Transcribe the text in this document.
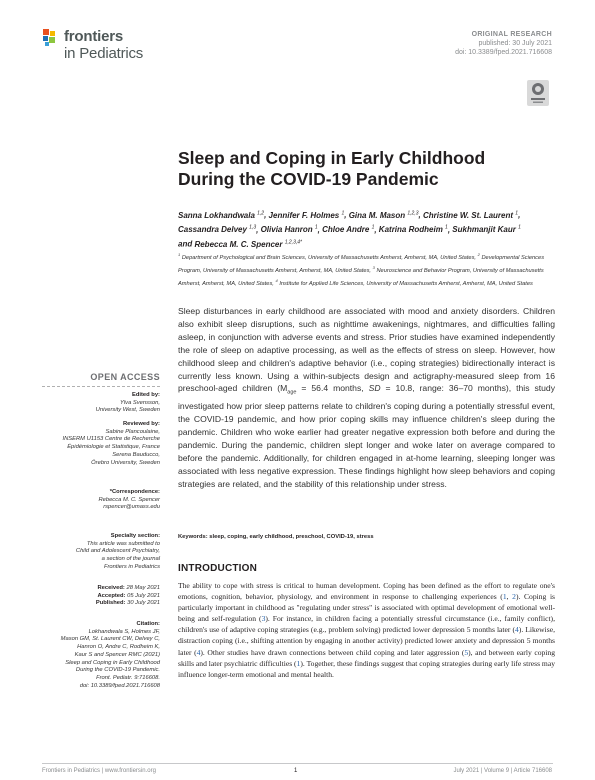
frontiers
in Pediatrics
ORIGINAL RESEARCH
published: 30 July 2021
doi: 10.3389/fped.2021.716608
Sleep and Coping in Early Childhood
During the COVID-19 Pandemic
Sanna Lokhandwala $^{1,2}$, Jennifer F. Holmes $^1$, Gina M. Mason $^{1,2,3}$, Christine W. St. Laurent $^1$,
Cassandra Delvey $^{1,3}$, Olivia Hanron $^1$, Chloe Andre $^1$, Katrina Rodheim $^1$, Sukhmanjit Kaur $^1$
and Rebecca M. C. Spencer $^{1,2,3,4*}$
$^1$ Department of Psychological and Brain Sciences, University of Massachusetts Amherst, Amherst, MA, United States, $^2$ Developmental Sciences Program, University of Massachusetts Amherst, Amherst, MA, United States, $^3$ Neuroscience and Behavior Program, University of Massachusetts Amherst, Amherst, MA, United States, $^4$ Institute for Applied Life Sciences, University of Massachusetts Amherst, Amherst, MA, United States

Sleep disturbances in early childhood are associated with mood and anxiety disorders. Children also exhibit sleep disruptions, such as nighttime awakenings, nightmares, and difficulties falling asleep, in conjunction with adverse events and stress. Prior studies have examined independently the role of sleep on adaptive processing, as well as the effects of stress on sleep. However, how childhood sleep and children's adaptive behavior (i.e., coping strategies) bidirectionally interact is currently less known. Using a within-subjects design and actigraphy-measured sleep from 16 preschool-aged children ($M_{age} = 56.4$ months, SD = 10.8, range: 36–70 months), this study investigated how prior sleep patterns relate to children's coping during a potentially stressful event, the COVID-19 pandemic, and how prior coping skills may influence children's sleep during the pandemic. Children who woke earlier had greater negative expression both before and during the pandemic. During the pandemic, children slept longer and woke later on average compared to before the pandemic. Additionally, for children engaged in at-home learning, sleeping longer was associated with less negative expression. These findings highlight how sleep behaviors and coping strategies are related, and the stability of this relationship under stress.

Keywords: sleep, coping, early childhood, preschool, COVID-19, stress
OPEN ACCESS
Edited by:
Ylva Svensson,
University West, Sweden
Reviewed by:
Sabine Plancoulaine,
INSERM U1153 Centre de Recherche
Épidémiologie et Statistique, France
Serena Bauducco,
Örebro University, Sweden
*Correspondence:
Rebecca M. C. Spencer
rspencer@umass.edu
Specialty section:
This article was submitted to
Child and Adolescent Psychiatry,
a section of the journal
Frontiers in Pediatrics
Received: 28 May 2021
Accepted: 05 July 2021
Published: 30 July 2021
Citation:
Lokhandwala S, Holmes JF,
Mason GM, St. Laurent CW, Delvey C,
Hanron O, Andre C, Rodheim K,
Kaur S and Spencer RMC (2021)
Sleep and Coping in Early Childhood
During the COVID-19 Pandemic.
Front. Pediatr. 9:716608.
doi: 10.3389/fped.2021.716608
INTRODUCTION
The ability to cope with stress is critical to human development. Coping has been defined as the effort to regulate one's emotions, cognition, behavior, physiology, and environment in response to challenging experiences (1, 2). Coping is particularly important in childhood as "regulating under stress" is associated with optimal development of emotional well-being and self-regulation (3). For instance, in children facing a potentially stressful circumstance (i.e., family conflict), children's use of adaptive coping strategies (e.g., problem solving) predicted lower depression 5 months later (4). Likewise, distraction coping (i.e., shifting attention by engaging in another activity) predicted lower anxiety and depression 5 months later (4). Other studies have drawn connections between child coping and later aggression (5), and between early coping skills and later psychiatric difficulties (1). Together, these findings suggest that coping strategies during early life stress may influence longer-term emotional and mental health.
Frontiers in Pediatrics | www.frontiersin.org	1	July 2021 | Volume 9 | Article 716608
